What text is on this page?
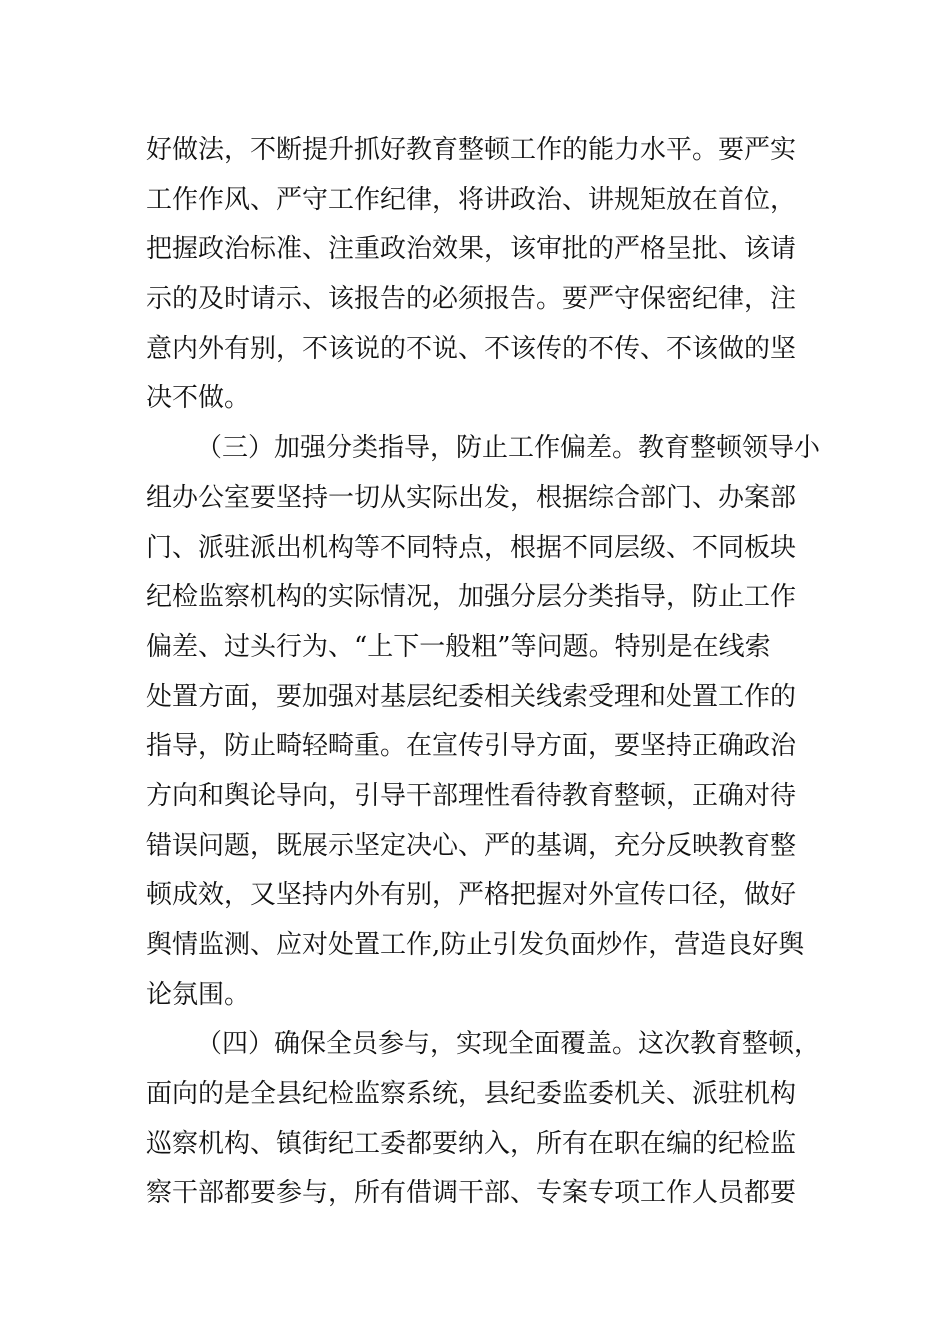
好做法，不断提升抓好教育整顿工作的能力水平。要严实
工作作风、严守工作纪律，将讲政治、讲规矩放在首位，
把握政治标准、注重政治效果，该审批的严格呈批、该请
示的及时请示、该报告的必须报告。要严守保密纪律，注
意内外有别，不该说的不说、不该传的不传、不该做的坚
决不做。
（三）加强分类指导，防止工作偏差。教育整顿领导小
组办公室要坚持一切从实际出发，根据综合部门、办案部
门、派驻派出机构等不同特点，根据不同层级、不同板块
纪检监察机构的实际情况，加强分层分类指导，防止工作
偏差、过头行为、“上下一般粗”等问题。特别是在线索
处置方面，要加强对基层纪委相关线索受理和处置工作的
指导，防止畸轻畸重。在宣传引导方面，要坚持正确政治
方向和舆论导向，引导干部理性看待教育整顿，正确对待
错误问题，既展示坚定决心、严的基调，充分反映教育整
顿成效，又坚持内外有别，严格把握对外宣传口径，做好
舆情监测、应对处置工作,防止引发负面炒作，营造良好舆
论氛围。
（四）确保全员参与，实现全面覆盖。这次教育整顿，
面向的是全县纪检监察系统，县纪委监委机关、派驻机构
巡察机构、镇街纪工委都要纳入，所有在职在编的纪检监
察干部都要参与，所有借调干部、专案专项工作人员都要
